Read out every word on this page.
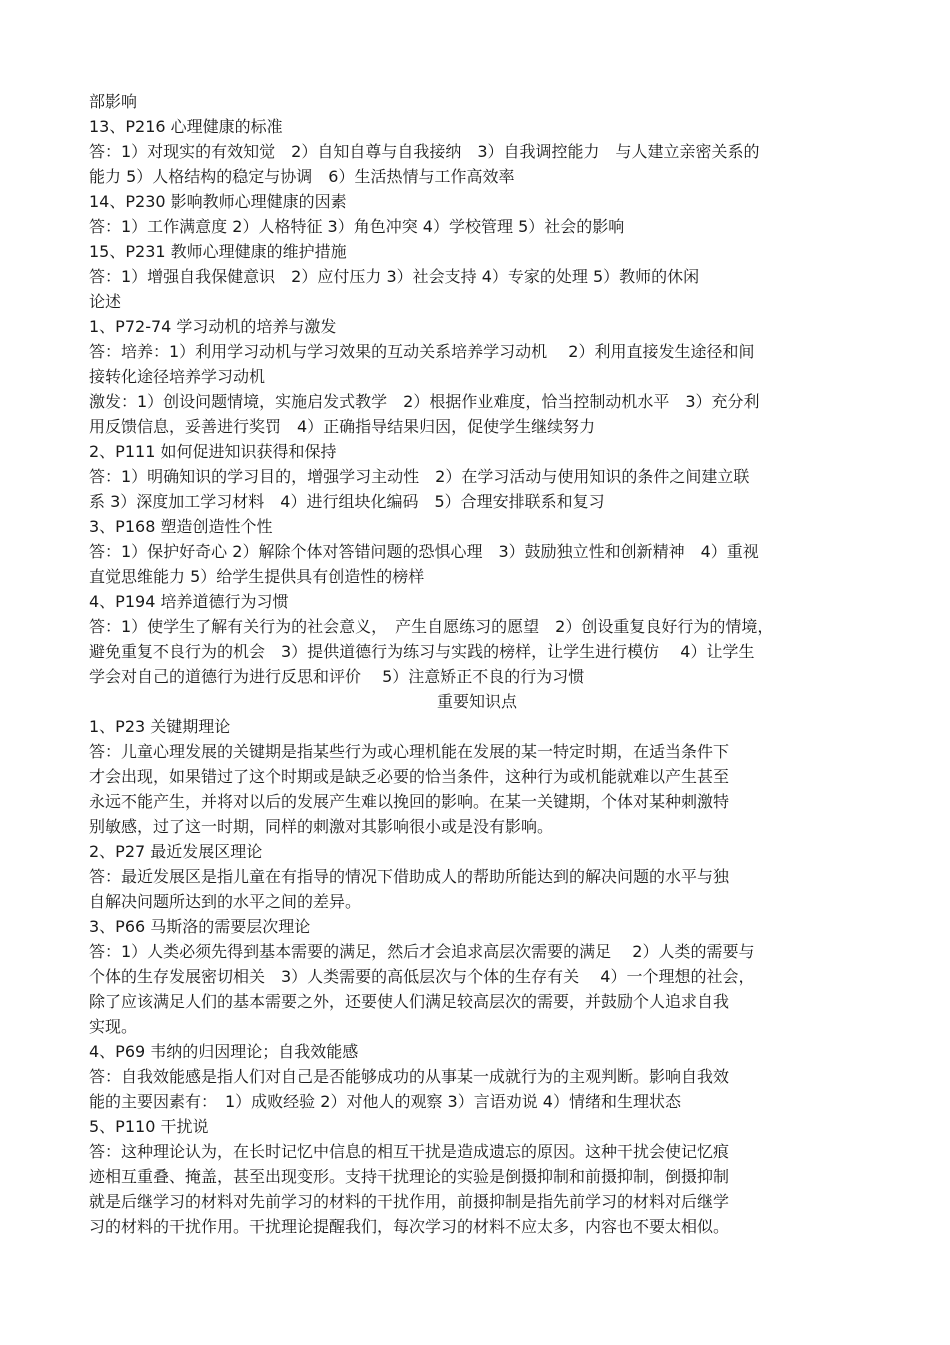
部影响
13、P216 心理健康的标准
答：1）对现实的有效知觉　2）自知自尊与自我接纳　3）自我调控能力　与人建立亲密关系的
能力 5）人格结构的稳定与协调　6）生活热情与工作高效率
14、P230 影响教师心理健康的因素
答：1）工作满意度 2）人格特征 3）角色冲突 4）学校管理 5）社会的影响
15、P231 教师心理健康的维护措施
答：1）增强自我保健意识　2）应付压力 3）社会支持 4）专家的处理 5）教师的休闲
论述
1、P72-74 学习动机的培养与激发
答：培养：1）利用学习动机与学习效果的互动关系培养学习动机　 2）利用直接发生途径和间
接转化途径培养学习动机
激发：1）创设问题情境，实施启发式教学　2）根据作业难度，恰当控制动机水平　3）充分利
用反馈信息，妥善进行奖罚　4）正确指导结果归因，促使学生继续努力
2、P111 如何促进知识获得和保持
答：1）明确知识的学习目的，增强学习主动性　2）在学习活动与使用知识的条件之间建立联
系 3）深度加工学习材料　4）进行组块化编码　5）合理安排联系和复习
3、P168 塑造创造性个性
答：1）保护好奇心 2）解除个体对答错问题的恐惧心理　3）鼓励独立性和创新精神　4）重视
直觉思维能力 5）给学生提供具有创造性的榜样
4、P194 培养道德行为习惯
答：1）使学生了解有关行为的社会意义，　产生自愿练习的愿望　2）创设重复良好行为的情境，
避免重复不良行为的机会　3）提供道德行为练习与实践的榜样，让学生进行模仿　 4）让学生
学会对自己的道德行为进行反思和评价　 5）注意矫正不良的行为习惯
重要知识点
1、P23 关键期理论
答：儿童心理发展的关键期是指某些行为或心理机能在发展的某一特定时期，在适当条件下
才会出现，如果错过了这个时期或是缺乏必要的恰当条件，这种行为或机能就难以产生甚至
永远不能产生，并将对以后的发展产生难以挽回的影响。在某一关键期，个体对某种刺激特
别敏感，过了这一时期，同样的刺激对其影响很小或是没有影响。
2、P27 最近发展区理论
答：最近发展区是指儿童在有指导的情况下借助成人的帮助所能达到的解决问题的水平与独
自解决问题所达到的水平之间的差异。
3、P66 马斯洛的需要层次理论
答：1）人类必须先得到基本需要的满足，然后才会追求高层次需要的满足　 2）人类的需要与
个体的生存发展密切相关　3）人类需要的高低层次与个体的生存有关　 4）一个理想的社会，
除了应该满足人们的基本需要之外，还要使人们满足较高层次的需要，并鼓励个人追求自我
实现。
4、P69 韦纳的归因理论；自我效能感
答：自我效能感是指人们对自己是否能够成功的从事某一成就行为的主观判断。影响自我效
能的主要因素有：　1）成败经验 2）对他人的观察 3）言语劝说 4）情绪和生理状态
5、P110 干扰说
答：这种理论认为，在长时记忆中信息的相互干扰是造成遗忘的原因。这种干扰会使记忆痕
迹相互重叠、掩盖，甚至出现变形。支持干扰理论的实验是倒摄抑制和前摄抑制，倒摄抑制
就是后继学习的材料对先前学习的材料的干扰作用，前摄抑制是指先前学习的材料对后继学
习的材料的干扰作用。干扰理论提醒我们，每次学习的材料不应太多，内容也不要太相似。
